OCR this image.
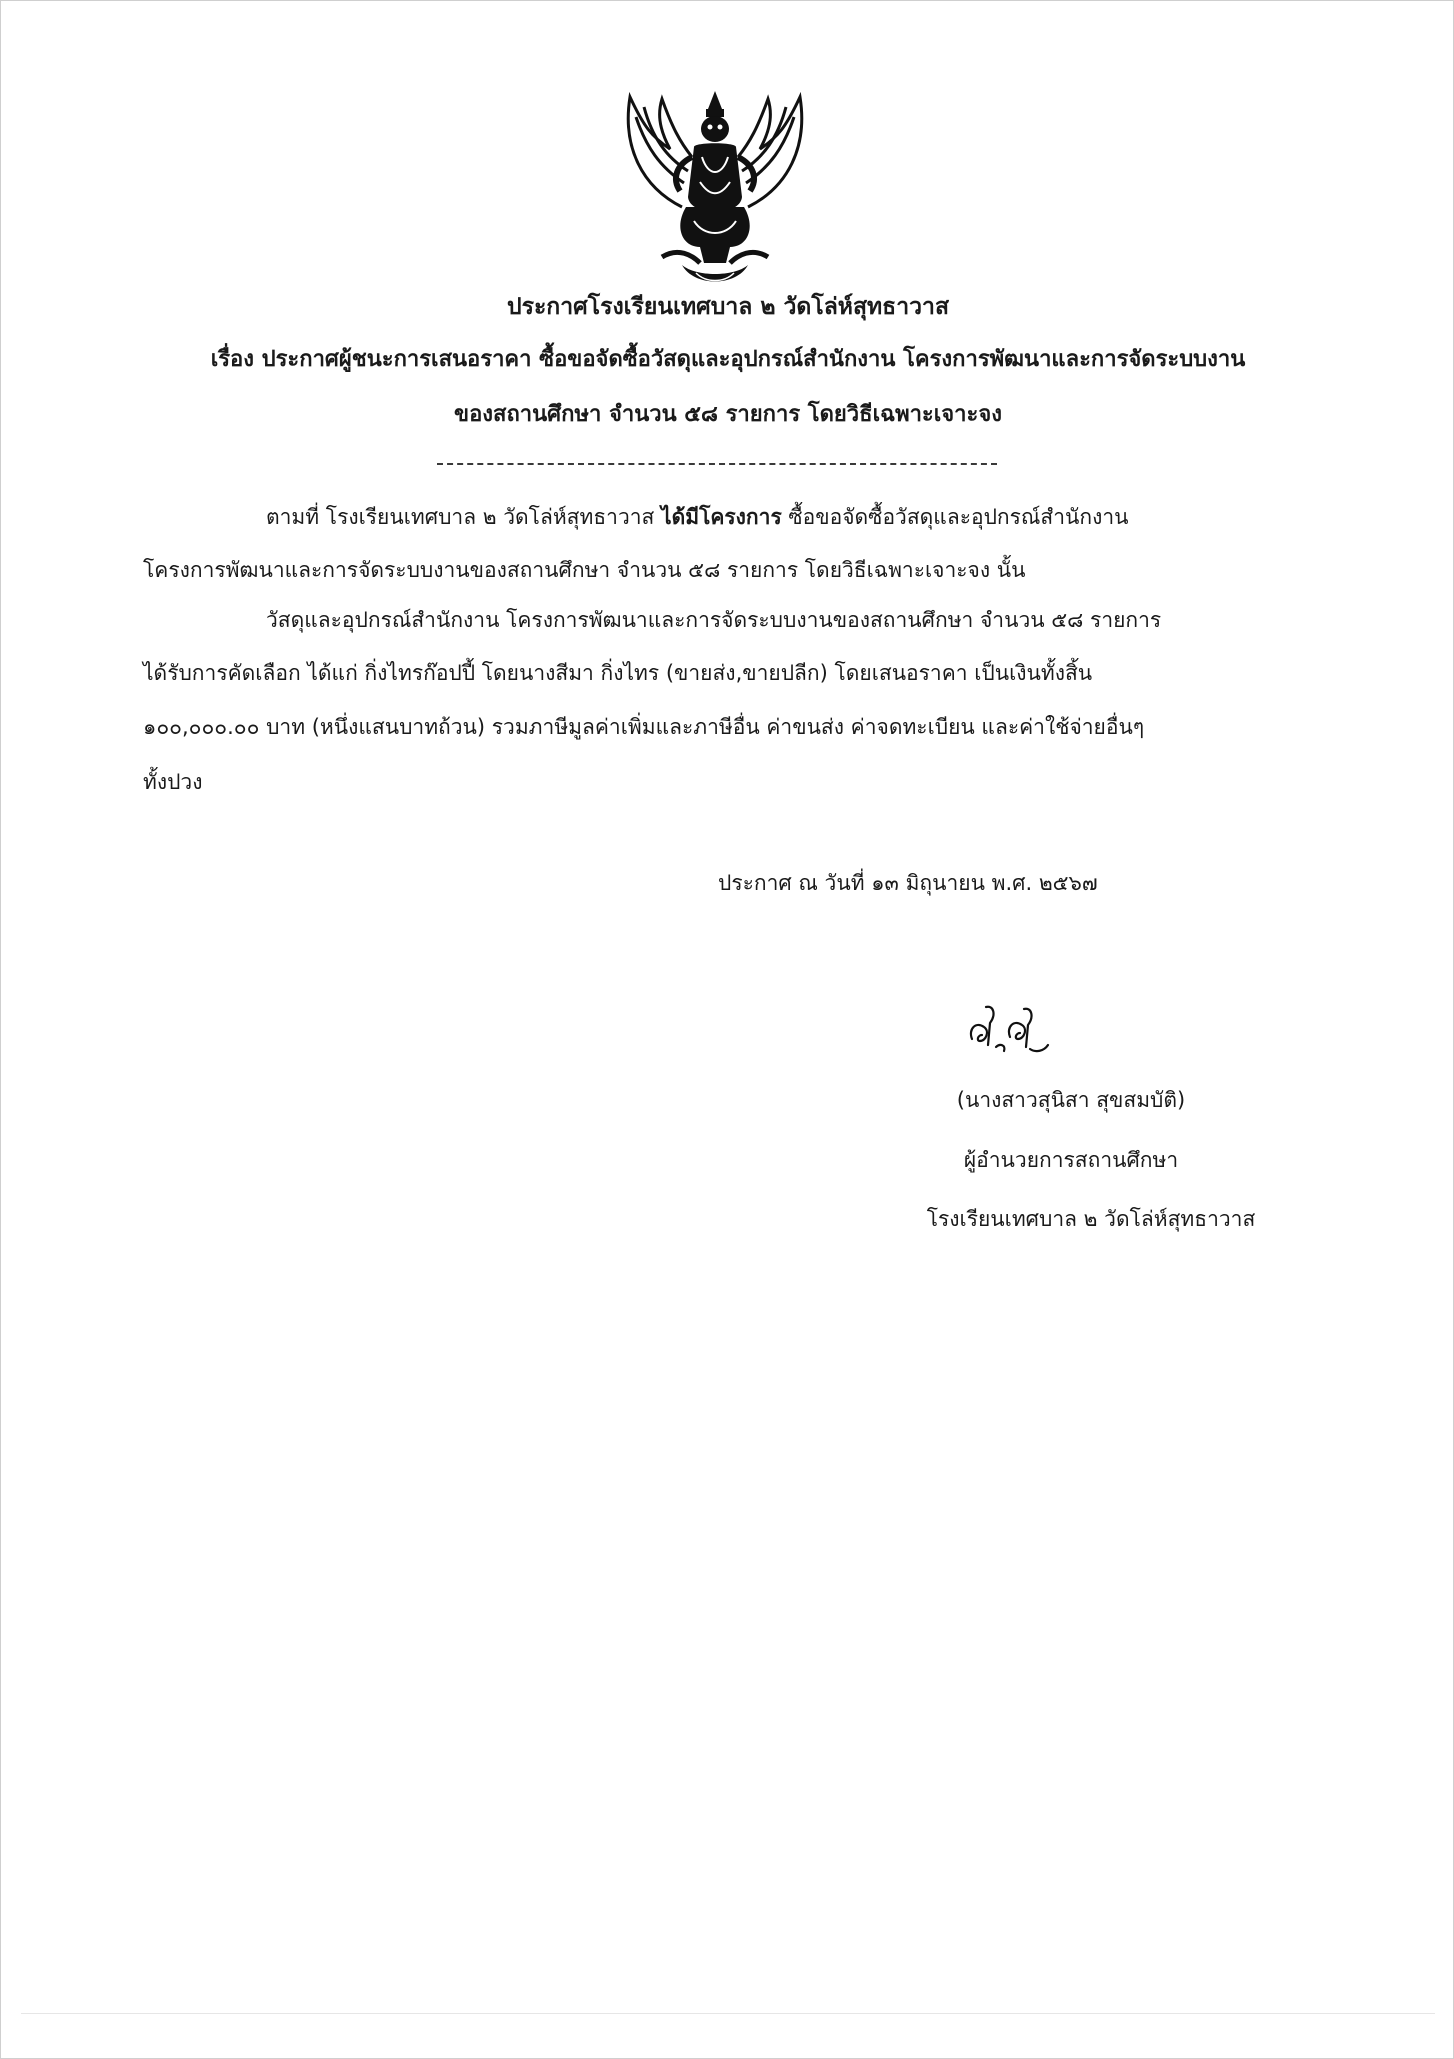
ประกาศโรงเรียนเทศบาล ๒ วัดโล่ห์สุทธาวาส
เรื่อง ประกาศผู้ชนะการเสนอราคา ซื้อขอจัดซื้อวัสดุและอุปกรณ์สำนักงาน โครงการพัฒนาและการจัดระบบงาน
ของสถานศึกษา จำนวน ๕๘ รายการ โดยวิธีเฉพาะเจาะจง
ตามที่ โรงเรียนเทศบาล ๒ วัดโล่ห์สุทธาวาส ได้มีโครงการ ซื้อขอจัดซื้อวัสดุและอุปกรณ์สำนักงาน
โครงการพัฒนาและการจัดระบบงานของสถานศึกษา จำนวน ๕๘ รายการ โดยวิธีเฉพาะเจาะจง นั้น
วัสดุและอุปกรณ์สำนักงาน โครงการพัฒนาและการจัดระบบงานของสถานศึกษา จำนวน ๕๘ รายการ
ได้รับการคัดเลือก ได้แก่ กิ่งไทรก๊อปปี้ โดยนางสีมา กิ่งไทร (ขายส่ง,ขายปลีก) โดยเสนอราคา เป็นเงินทั้งสิ้น
๑๐๐,๐๐๐.๐๐ บาท (หนึ่งแสนบาทถ้วน) รวมภาษีมูลค่าเพิ่มและภาษีอื่น ค่าขนส่ง ค่าจดทะเบียน และค่าใช้จ่ายอื่นๆ
ทั้งปวง
ประกาศ ณ วันที่ ๑๓ มิถุนายน พ.ศ. ๒๕๖๗
(นางสาวสุนิสา สุขสมบัติ)
ผู้อำนวยการสถานศึกษา
โรงเรียนเทศบาล ๒ วัดโล่ห์สุทธาวาส
